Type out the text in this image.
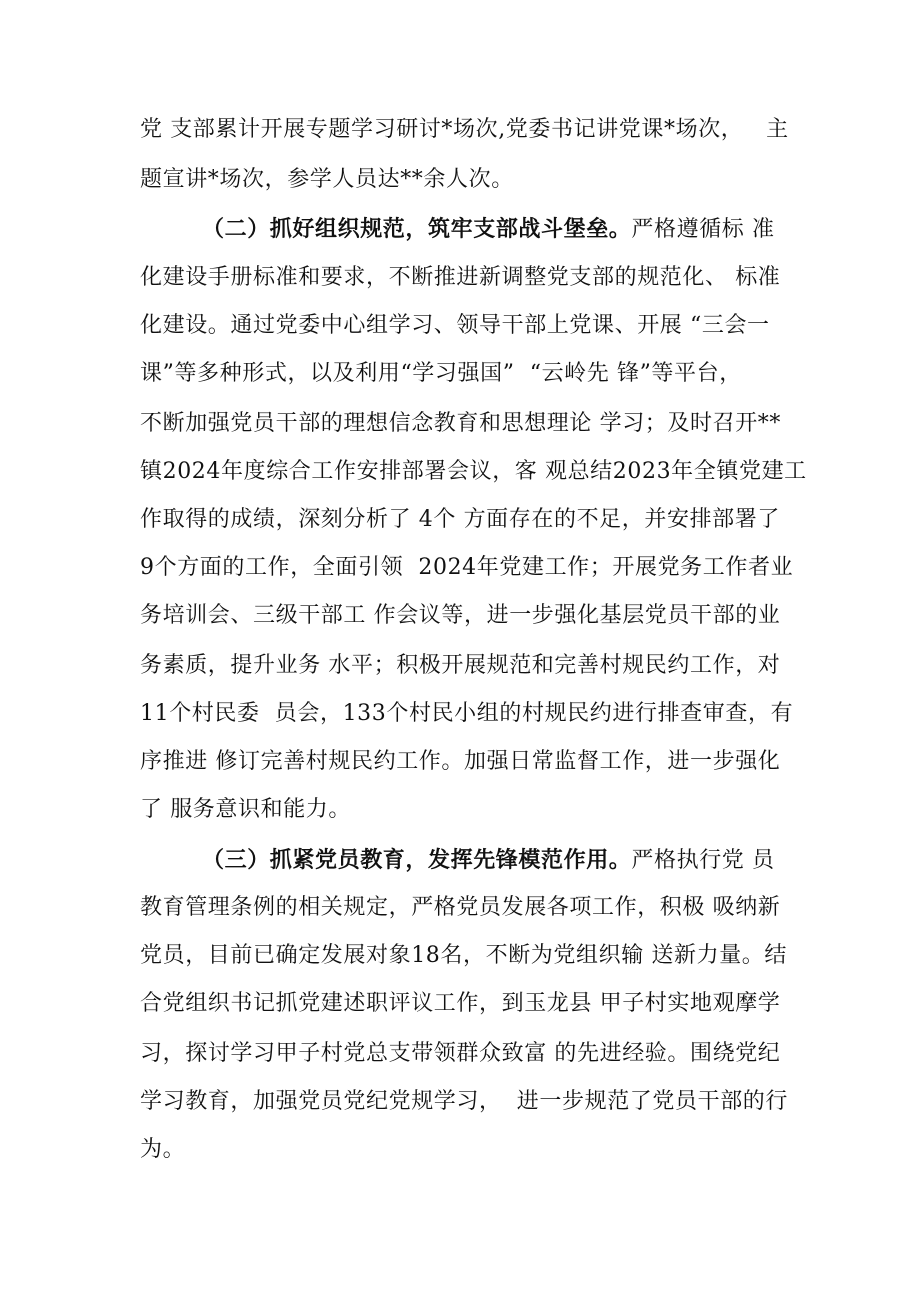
党 支部累计开展专题学习研讨*场次,党委书记讲党课*场次，   主
题宣讲*场次，参学人员达**余人次。
（二）抓好组织规范，筑牢支部战斗堡垒。严格遵循标 准
化建设手册标准和要求，不断推进新调整党支部的规范化、 标准
化建设。通过党委中心组学习、领导干部上党课、开展 “三会一
课”等多种形式，以及利用“学习强国”  “云岭先 锋”等平台，
不断加强党员干部的理想信念教育和思想理论 学习；及时召开**
镇2024年度综合工作安排部署会议，客 观总结2023年全镇党建工
作取得的成绩，深刻分析了 4个 方面存在的不足，并安排部署了
9个方面的工作，全面引领  2024年党建工作；开展党务工作者业
务培训会、三级干部工 作会议等，进一步强化基层党员干部的业
务素质，提升业务 水平；积极开展规范和完善村规民约工作，对
11个村民委  员会，133个村民小组的村规民约进行排查审查，有
序推进 修订完善村规民约工作。加强日常监督工作，进一步强化
了 服务意识和能力。
（三）抓紧党员教育，发挥先锋模范作用。严格执行党 员
教育管理条例的相关规定，严格党员发展各项工作，积极 吸纳新
党员，目前已确定发展对象18名，不断为党组织输 送新力量。结
合党组织书记抓党建述职评议工作，到玉龙县 甲子村实地观摩学
习，探讨学习甲子村党总支带领群众致富 的先进经验。围绕党纪
学习教育，加强党员党纪党规学习，  进一步规范了党员干部的行
为。
